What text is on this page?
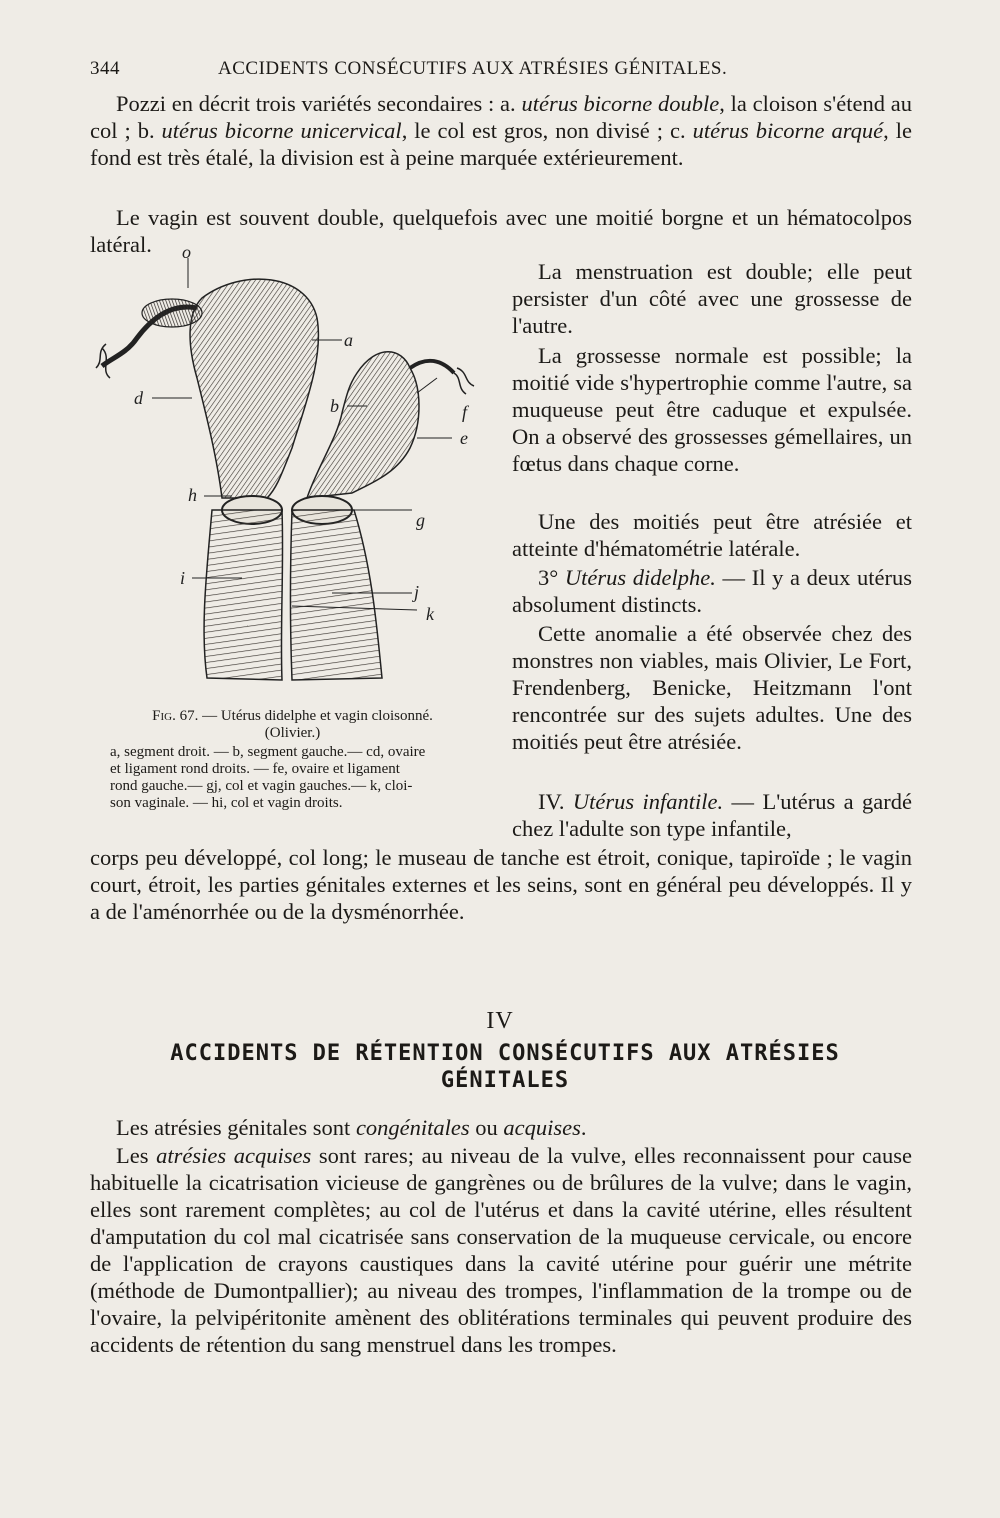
344	ACCIDENTS CONSÉCUTIFS AUX ATRÉSIES GÉNITALES.

Pozzi en décrit trois variétés secondaires : a. utérus bicorne double, la cloison s'étend au col ; b. utérus bicorne unicervical, le col est gros, non divisé ; c. utérus bicorne arqué, le fond est très étalé, la division est à peine marquée extérieurement.

Le vagin est souvent double, quelquefois avec une moitié borgne et un hématocolpos latéral.

La menstruation est double; elle peut persister d'un côté avec une grossesse de l'autre.

La grossesse normale est possible; la moitié vide s'hypertrophie comme l'autre, sa muqueuse peut être caduque et expulsée. On a observé des grossesses gémellaires, un fœtus dans chaque corne.

Une des moitiés peut être atrésiée et atteinte d'hématométrie latérale.

3° Utérus didelphe. — Il y a deux utérus absolument distincts.

Cette anomalie a été observée chez des monstres non viables, mais Olivier, Le Fort, Frendenberg, Benicke, Heitzmann l'ont rencontrée sur des sujets adultes. Une des moitiés peut être atrésiée.

IV. Utérus infantile. — L'utérus a gardé chez l'adulte son type infantile,

corps peu développé, col long; le museau de tanche est étroit, conique, tapiroïde ; le vagin court, étroit, les parties génitales externes et les seins, sont en général peu développés. Il y a de l'aménorrhée ou de la dysménorrhée.

o
a
d	b	f
e
h
g
i
j
k
Fig. 67. — Utérus didelphe et vagin cloisonné.
(Olivier.)
a, segment droit. — b, segment gauche.— cd, ovaire
et ligament rond droits. — fe, ovaire et ligament
rond gauche.— gj, col et vagin gauches.— k, cloi-
son vaginale. — hi, col et vagin droits.
IV
ACCIDENTS DE RÉTENTION CONSÉCUTIFS AUX ATRÉSIES GÉNITALES

Les atrésies génitales sont congénitales ou acquises.

Les atrésies acquises sont rares; au niveau de la vulve, elles reconnaissent pour cause habituelle la cicatrisation vicieuse de gangrènes ou de brûlures de la vulve; dans le vagin, elles sont rarement complètes; au col de l'utérus et dans la cavité utérine, elles résultent d'amputation du col mal cicatrisée sans conservation de la muqueuse cervicale, ou encore de l'application de crayons caustiques dans la cavité utérine pour guérir une métrite (méthode de Dumontpallier); au niveau des trompes, l'inflammation de la trompe ou de l'ovaire, la pelvipéritonite amènent des oblitérations terminales qui peuvent produire des accidents de rétention du sang menstruel dans les trompes.
